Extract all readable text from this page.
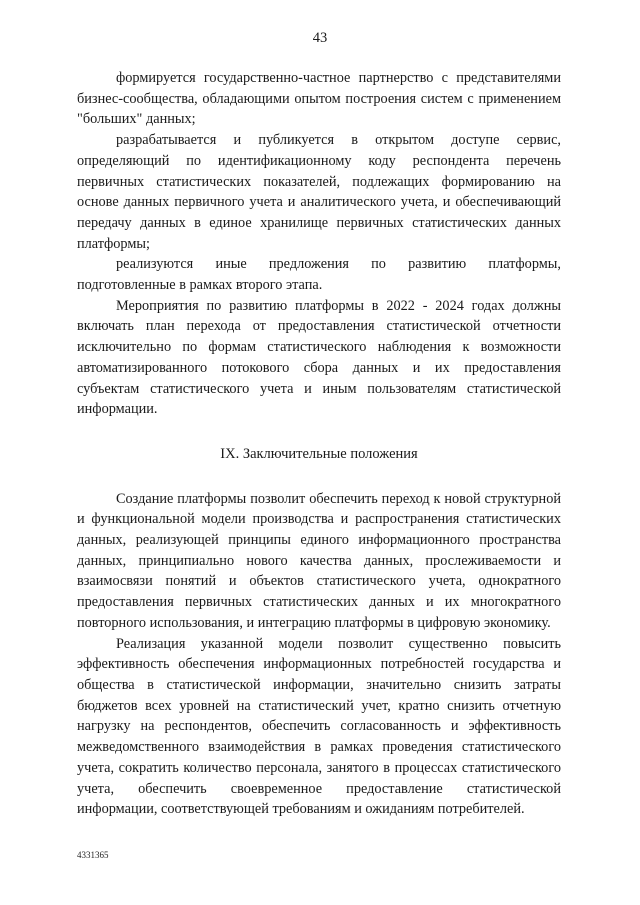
43

формируется государственно-частное партнерство с представителями бизнес-сообщества, обладающими опытом построения систем с применением "больших" данных;

разрабатывается и публикуется в открытом доступе сервис, определяющий по идентификационному коду респондента перечень первичных статистических показателей, подлежащих формированию на основе данных первичного учета и аналитического учета, и обеспечивающий передачу данных в единое хранилище первичных статистических данных платформы;

реализуются иные предложения по развитию платформы, подготовленные в рамках второго этапа.

Мероприятия по развитию платформы в 2022 - 2024 годах должны включать план перехода от предоставления статистической отчетности исключительно по формам статистического наблюдения к возможности автоматизированного потокового сбора данных и их предоставления субъектам статистического учета и иным пользователям статистической информации.

IX. Заключительные положения

Создание платформы позволит обеспечить переход к новой структурной и функциональной модели производства и распространения статистических данных, реализующей принципы единого информационного пространства данных, принципиально нового качества данных, прослеживаемости и взаимосвязи понятий и объектов статистического учета, однократного предоставления первичных статистических данных и их многократного повторного использования, и интеграцию платформы в цифровую экономику.

Реализация указанной модели позволит существенно повысить эффективность обеспечения информационных потребностей государства и общества в статистической информации, значительно снизить затраты бюджетов всех уровней на статистический учет, кратно снизить отчетную нагрузку на респондентов, обеспечить согласованность и эффективность межведомственного взаимодействия в рамках проведения статистического учета, сократить количество персонала, занятого в процессах статистического учета, обеспечить своевременное предоставление статистической информации, соответствующей требованиям и ожиданиям потребителей.

4331365
